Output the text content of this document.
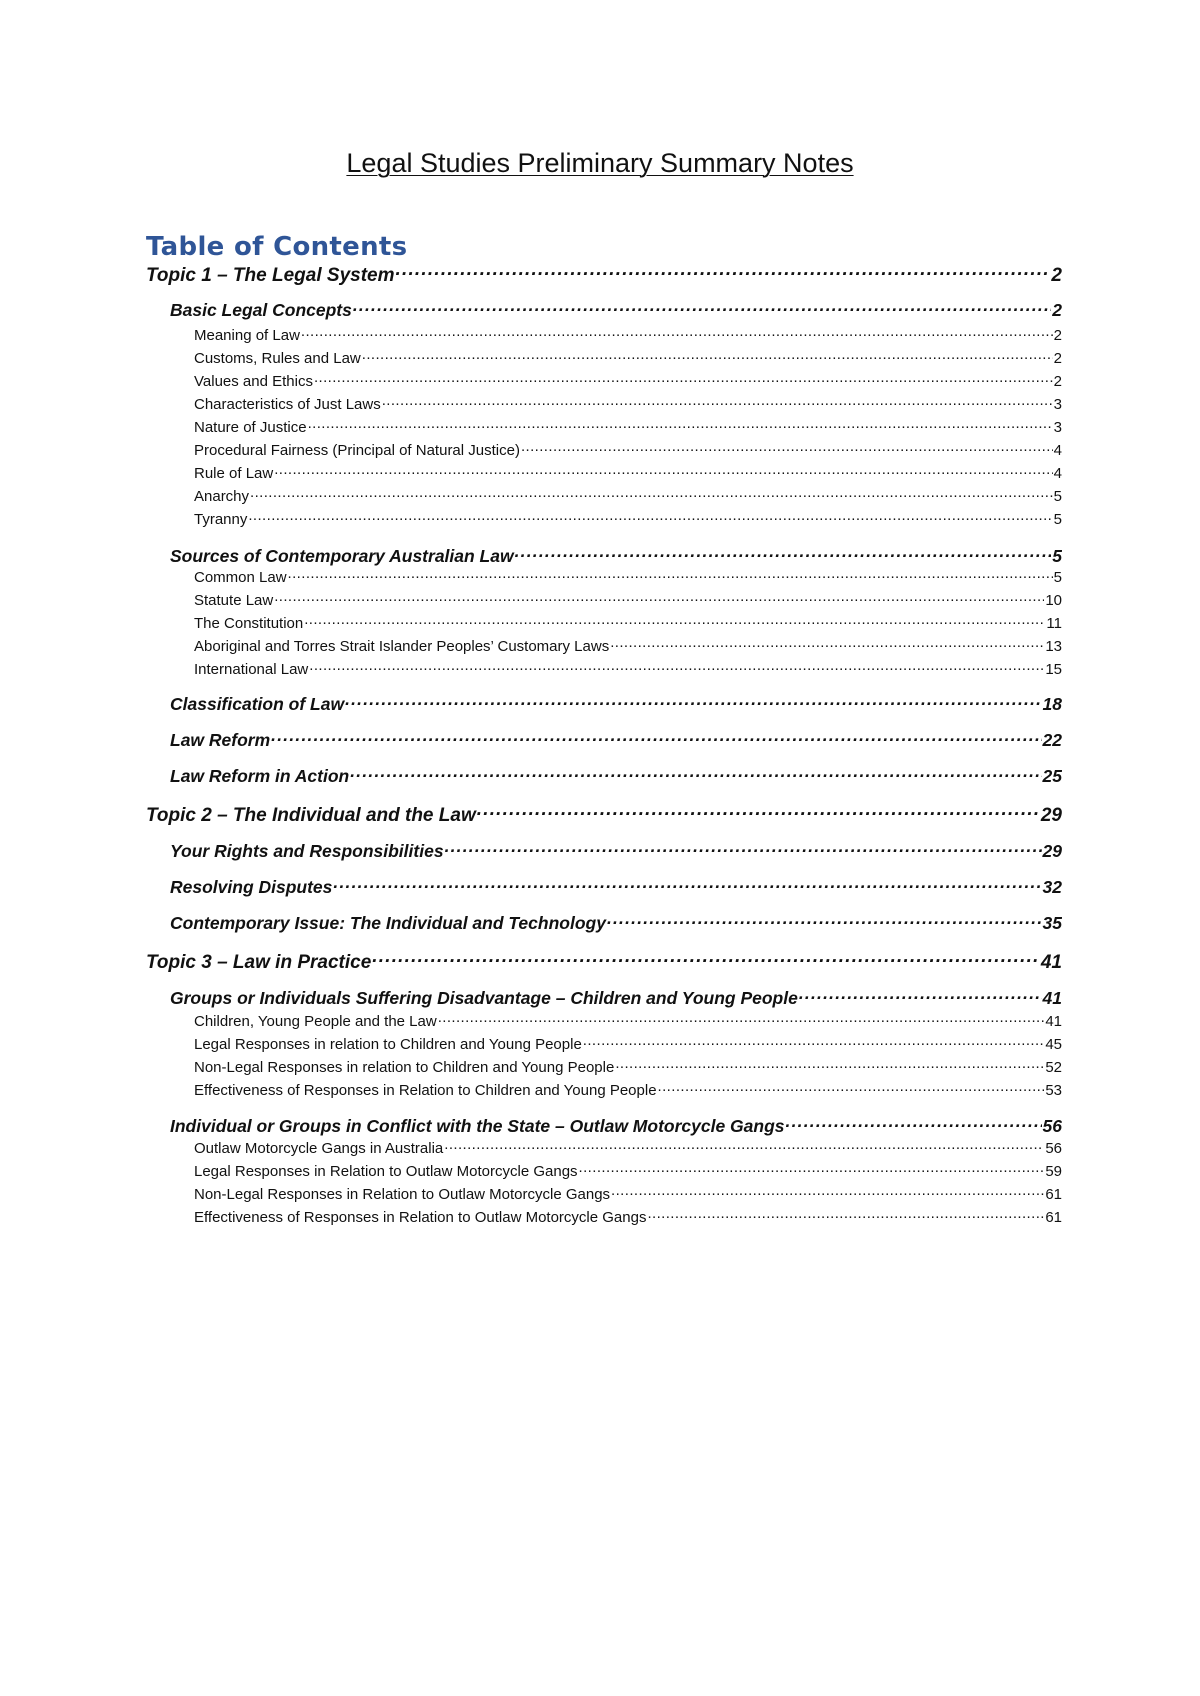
Legal Studies Preliminary Summary Notes
Table of Contents
Topic 1 – The Legal System .....	2
Basic Legal Concepts .....	2
Meaning of Law .....	2
Customs, Rules and Law .....	2
Values and Ethics .....	2
Characteristics of Just Laws .....	3
Nature of Justice .....	3
Procedural Fairness (Principal of Natural Justice) .....	4
Rule of Law .....	4
Anarchy .....	5
Tyranny .....	5
Sources of Contemporary Australian Law .....	5
Common Law .....	5
Statute Law .....	10
The Constitution .....	11
Aboriginal and Torres Strait Islander Peoples’ Customary Laws .....	13
International Law .....	15
Classification of Law .....	18
Law Reform .....	22
Law Reform in Action .....	25
Topic 2 – The Individual and the Law .....	29
Your Rights and Responsibilities .....	29
Resolving Disputes .....	32
Contemporary Issue: The Individual and Technology .....	35
Topic 3 – Law in Practice .....	41
Groups or Individuals Suffering Disadvantage – Children and Young People .....	41
Children, Young People and the Law .....	41
Legal Responses in relation to Children and Young People .....	45
Non-Legal Responses in relation to Children and Young People .....	52
Effectiveness of Responses in Relation to Children and Young People .....	53
Individual or Groups in Conflict with the State – Outlaw Motorcycle Gangs .....	56
Outlaw Motorcycle Gangs in Australia .....	56
Legal Responses in Relation to Outlaw Motorcycle Gangs .....	59
Non-Legal Responses in Relation to Outlaw Motorcycle Gangs .....	61
Effectiveness of Responses in Relation to Outlaw Motorcycle Gangs .....	61
